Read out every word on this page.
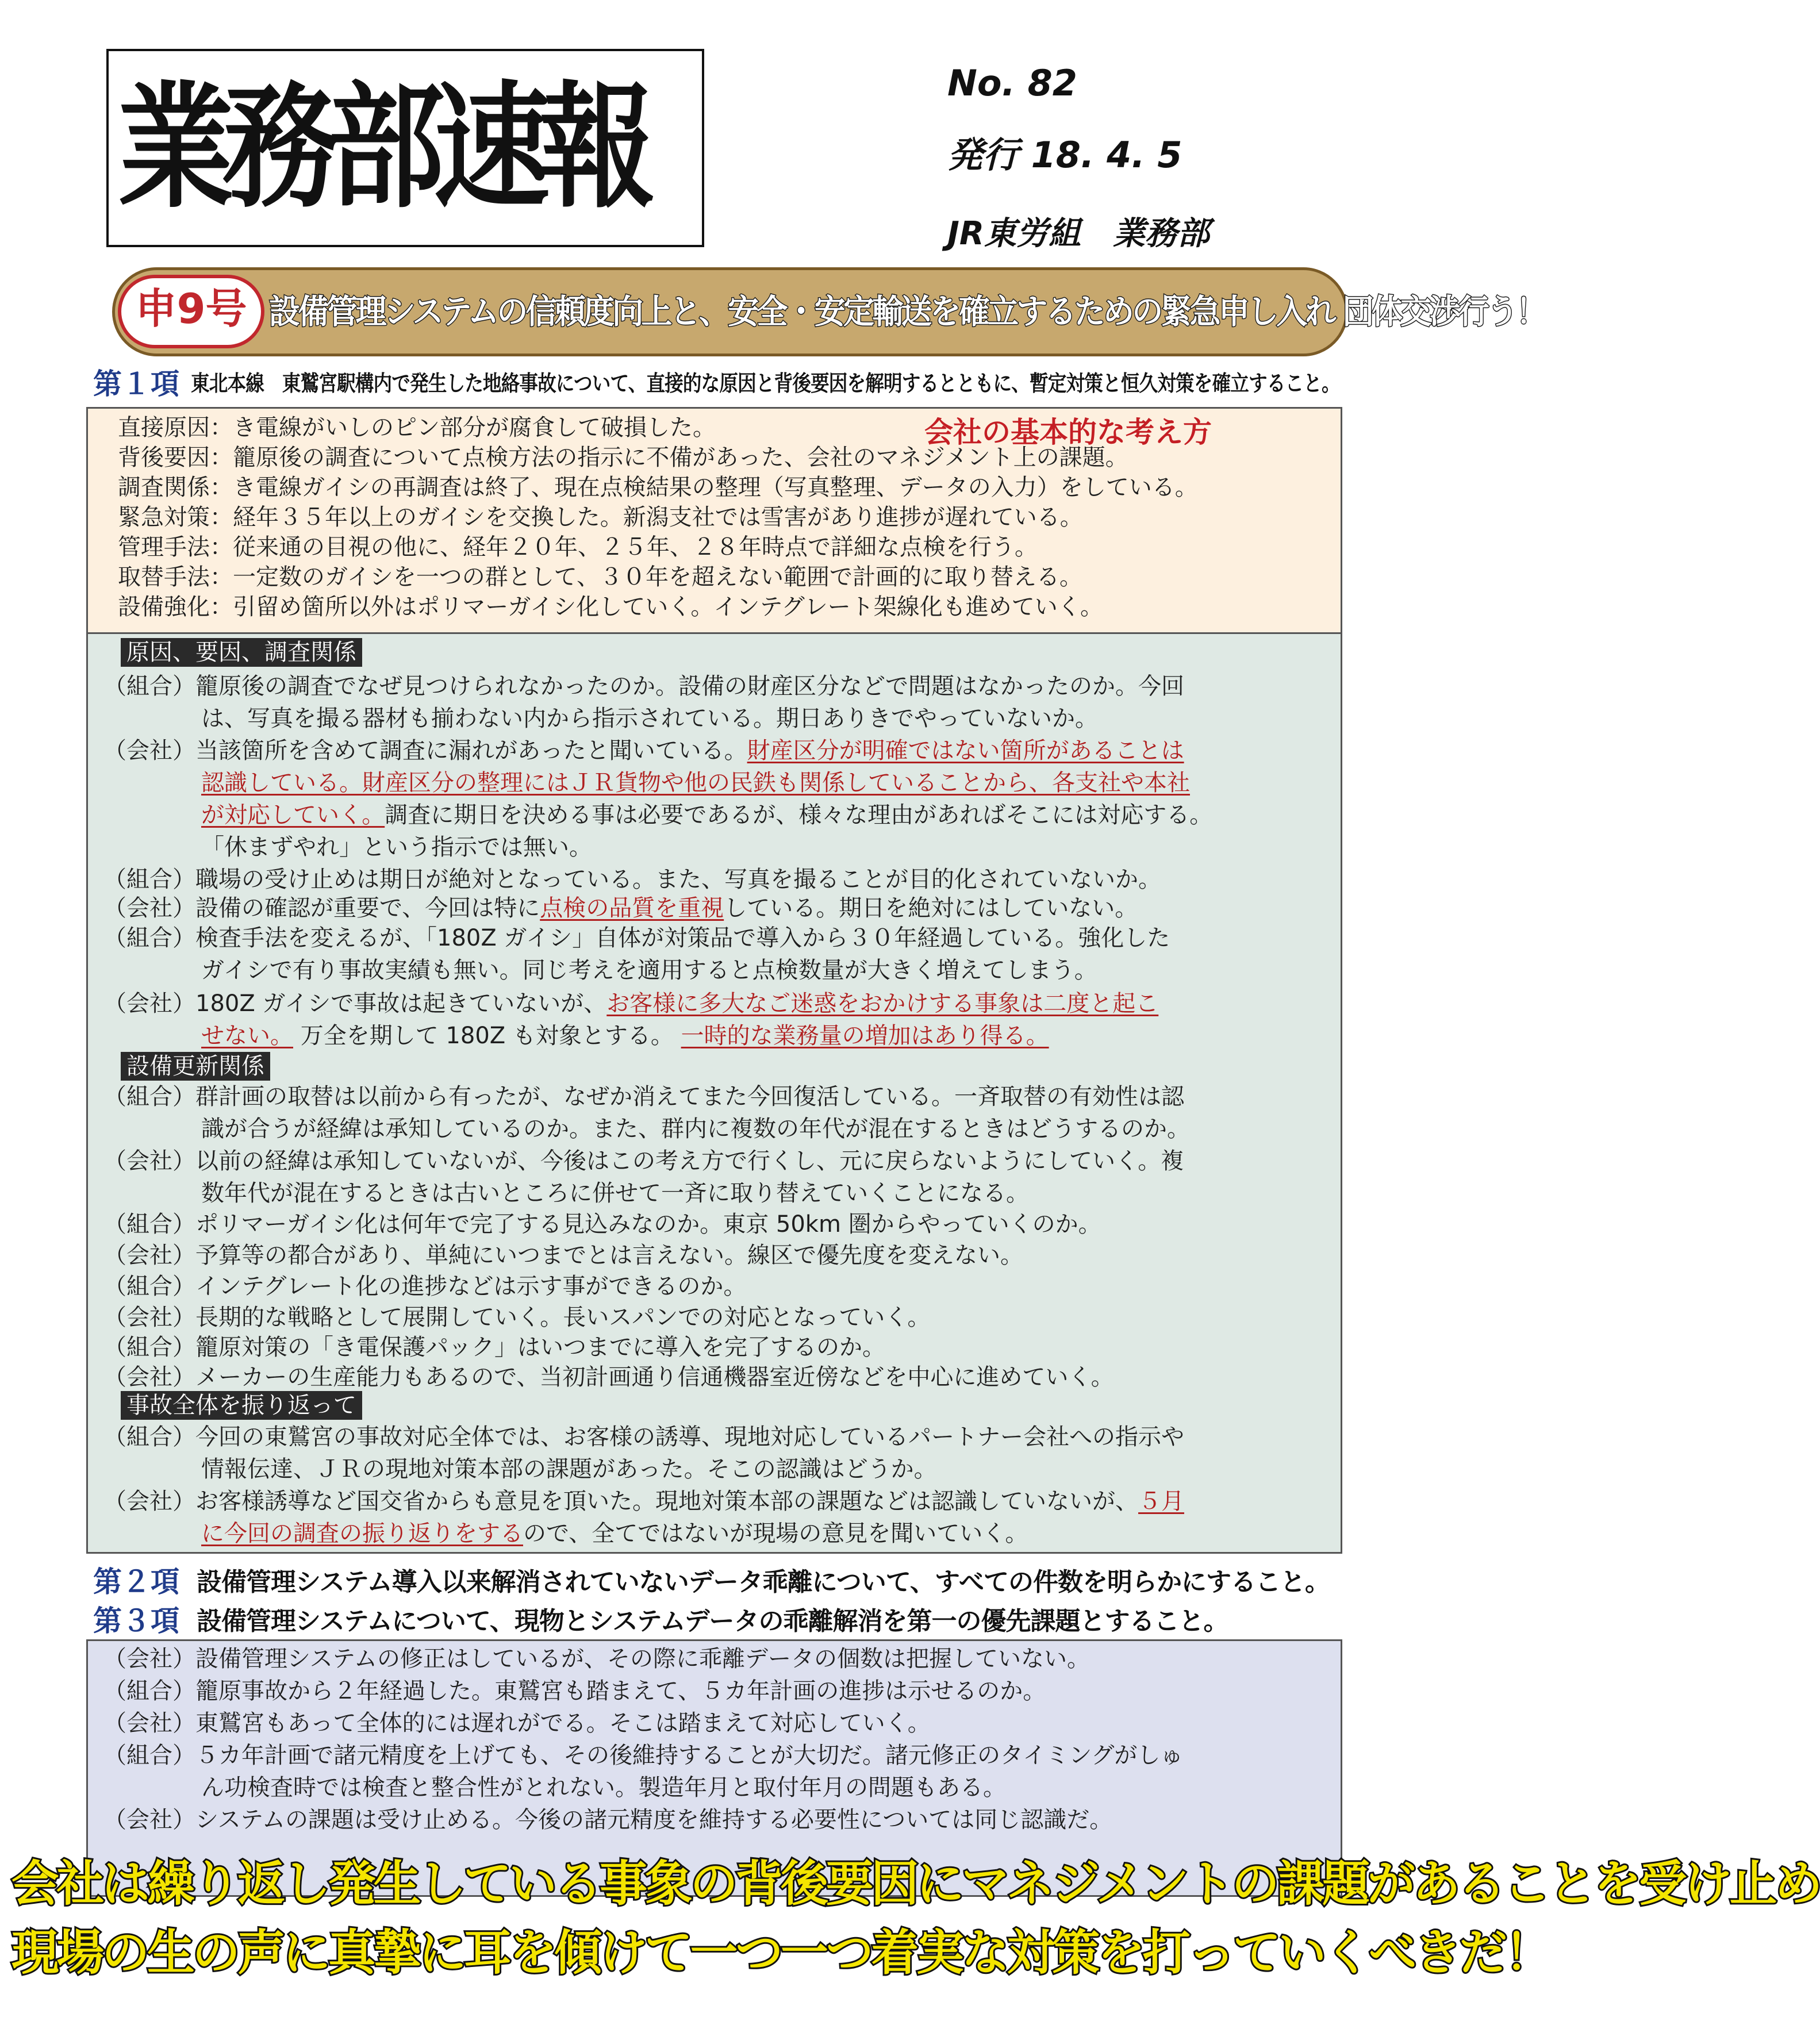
業務部速報	No. 82
発行 18. 4. 5
JR東労組　業務部
申9号 設備管理システムの信頼度向上と、安全・安定輸送を確立するための緊急申し入れ 団体交渉行う！
第１項 東北本線　東鷲宮駅構内で発生した地絡事故について、直接的な原因と背後要因を解明するとともに、暫定対策と恒久対策を確立すること。
会社の基本的な考え方
直接原因：き電線がいしのピン部分が腐食して破損した。
背後要因：籠原後の調査について点検方法の指示に不備があった、会社のマネジメント上の課題。
調査関係：き電線ガイシの再調査は終了、現在点検結果の整理（写真整理、データの入力）をしている。
緊急対策：経年３５年以上のガイシを交換した。新潟支社では雪害があり進捗が遅れている。
管理手法：従来通の目視の他に、経年２０年、２５年、２８年時点で詳細な点検を行う。
取替手法：一定数のガイシを一つの群として、３０年を超えない範囲で計画的に取り替える。
設備強化：引留め箇所以外はポリマーガイシ化していく。インテグレート架線化も進めていく。
原因、要因、調査関係
（組合）籠原後の調査でなぜ見つけられなかったのか。設備の財産区分などで問題はなかったのか。今回
は、写真を撮る器材も揃わない内から指示されている。期日ありきでやっていないか。
（会社）当該箇所を含めて調査に漏れがあったと聞いている。財産区分が明確ではない箇所があることは
認識している。財産区分の整理にはＪＲ貨物や他の民鉄も関係していることから、各支社や本社
が対応していく。調査に期日を決める事は必要であるが、様々な理由があればそこには対応する。
「休まずやれ」という指示では無い。
（組合）職場の受け止めは期日が絶対となっている。また、写真を撮ることが目的化されていないか。
（会社）設備の確認が重要で、今回は特に点検の品質を重視している。期日を絶対にはしていない。
（組合）検査手法を変えるが、「180Z ガイシ」自体が対策品で導入から３０年経過している。強化した
ガイシで有り事故実績も無い。同じ考えを適用すると点検数量が大きく増えてしまう。
（会社）180Z ガイシで事故は起きていないが、お客様に多大なご迷惑をおかけする事象は二度と起こ
せない。 万全を期して 180Z も対象とする。 一時的な業務量の増加はあり得る。
設備更新関係
（組合）群計画の取替は以前から有ったが、なぜか消えてまた今回復活している。一斉取替の有効性は認
識が合うが経緯は承知しているのか。また、群内に複数の年代が混在するときはどうするのか。
（会社）以前の経緯は承知していないが、今後はこの考え方で行くし、元に戻らないようにしていく。複
数年代が混在するときは古いところに併せて一斉に取り替えていくことになる。
（組合）ポリマーガイシ化は何年で完了する見込みなのか。東京 50km 圏からやっていくのか。
（会社）予算等の都合があり、単純にいつまでとは言えない。線区で優先度を変えない。
（組合）インテグレート化の進捗などは示す事ができるのか。
（会社）長期的な戦略として展開していく。長いスパンでの対応となっていく。
（組合）籠原対策の「き電保護パック」はいつまでに導入を完了するのか。
（会社）メーカーの生産能力もあるので、当初計画通り信通機器室近傍などを中心に進めていく。
事故全体を振り返って
（組合）今回の東鷲宮の事故対応全体では、お客様の誘導、現地対応しているパートナー会社への指示や
情報伝達、ＪＲの現地対策本部の課題があった。そこの認識はどうか。
（会社）お客様誘導など国交省からも意見を頂いた。現地対策本部の課題などは認識していないが、５月
に今回の調査の振り返りをするので、全てではないが現場の意見を聞いていく。
第２項 設備管理システム導入以来解消されていないデータ乖離について、すべての件数を明らかにすること。
第３項 設備管理システムについて、現物とシステムデータの乖離解消を第一の優先課題とすること。
（会社）設備管理システムの修正はしているが、その際に乖離データの個数は把握していない。
（組合）籠原事故から２年経過した。東鷲宮も踏まえて、５カ年計画の進捗は示せるのか。
（会社）東鷲宮もあって全体的には遅れがでる。そこは踏まえて対応していく。
（組合）５カ年計画で諸元精度を上げても、その後維持することが大切だ。諸元修正のタイミングがしゅ
ん功検査時では検査と整合性がとれない。製造年月と取付年月の問題もある。
（会社）システムの課題は受け止める。今後の諸元精度を維持する必要性については同じ認識だ。
会社は繰り返し発生している事象の背後要因にマネジメントの課題があることを受け止め
現場の生の声に真摯に耳を傾けて一つ一つ着実な対策を打っていくべきだ！
